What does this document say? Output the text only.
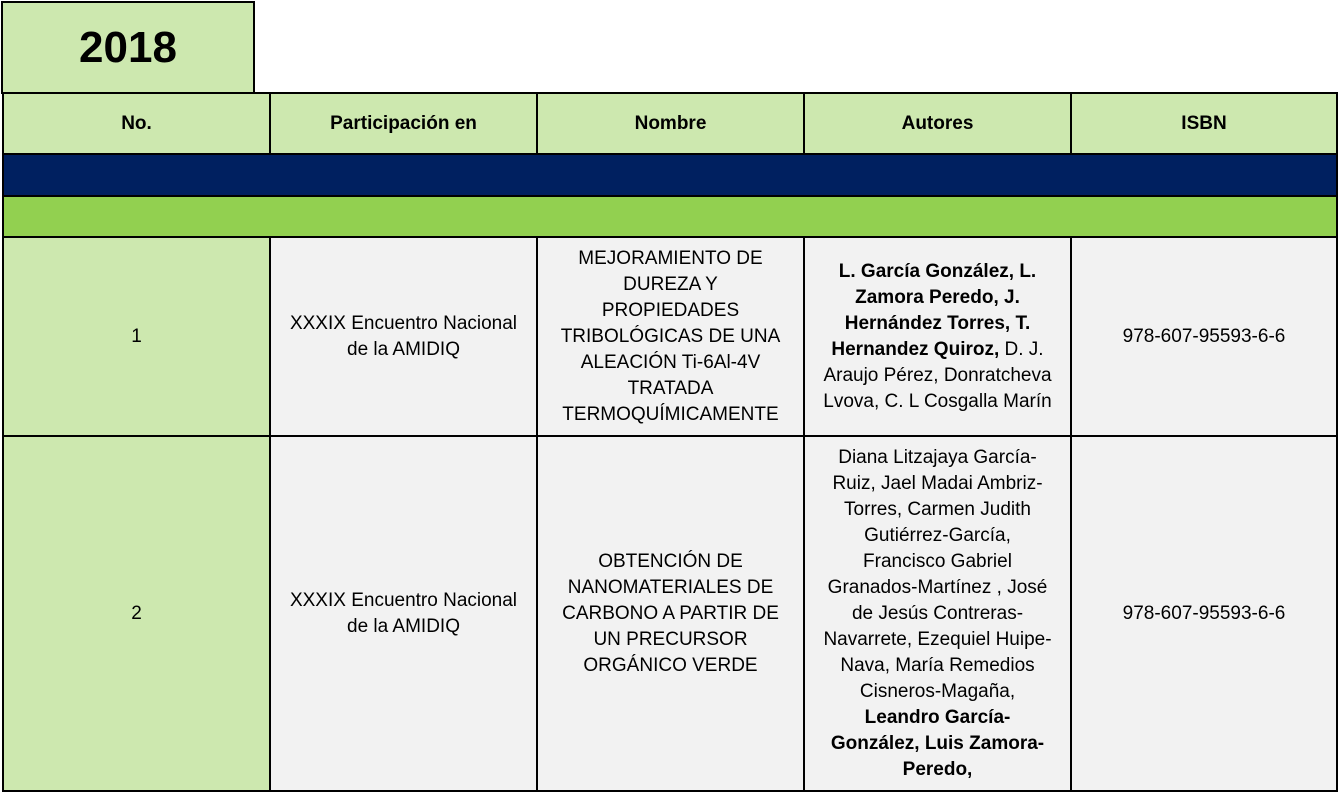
2018
No.	Participación en	Nombre	Autores	ISBN

1	XXXIX Encuentro Nacional de la AMIDIQ	MEJORAMIENTO DE DUREZA Y PROPIEDADES TRIBOLÓGICAS DE UNA ALEACIÓN Ti-6Al-4V TRATADA TERMOQUÍMICAMENTE	L. García González, L. Zamora Peredo, J. Hernández Torres, T. Hernandez Quiroz, D. J. Araujo Pérez, Donratcheva Lvova, C. L Cosgalla Marín	978-607-95593-6-6
2	XXXIX Encuentro Nacional de la AMIDIQ	OBTENCIÓN DE NANOMATERIALES DE CARBONO A PARTIR DE UN PRECURSOR ORGÁNICO VERDE	Diana Litzajaya García-Ruiz, Jael Madai Ambriz-Torres, Carmen Judith Gutiérrez-García, Francisco Gabriel Granados-Martínez , José de Jesús Contreras-Navarrete, Ezequiel Huipe-Nava, María Remedios Cisneros-Magaña, Leandro García-González, Luis Zamora-Peredo,	978-607-95593-6-6
